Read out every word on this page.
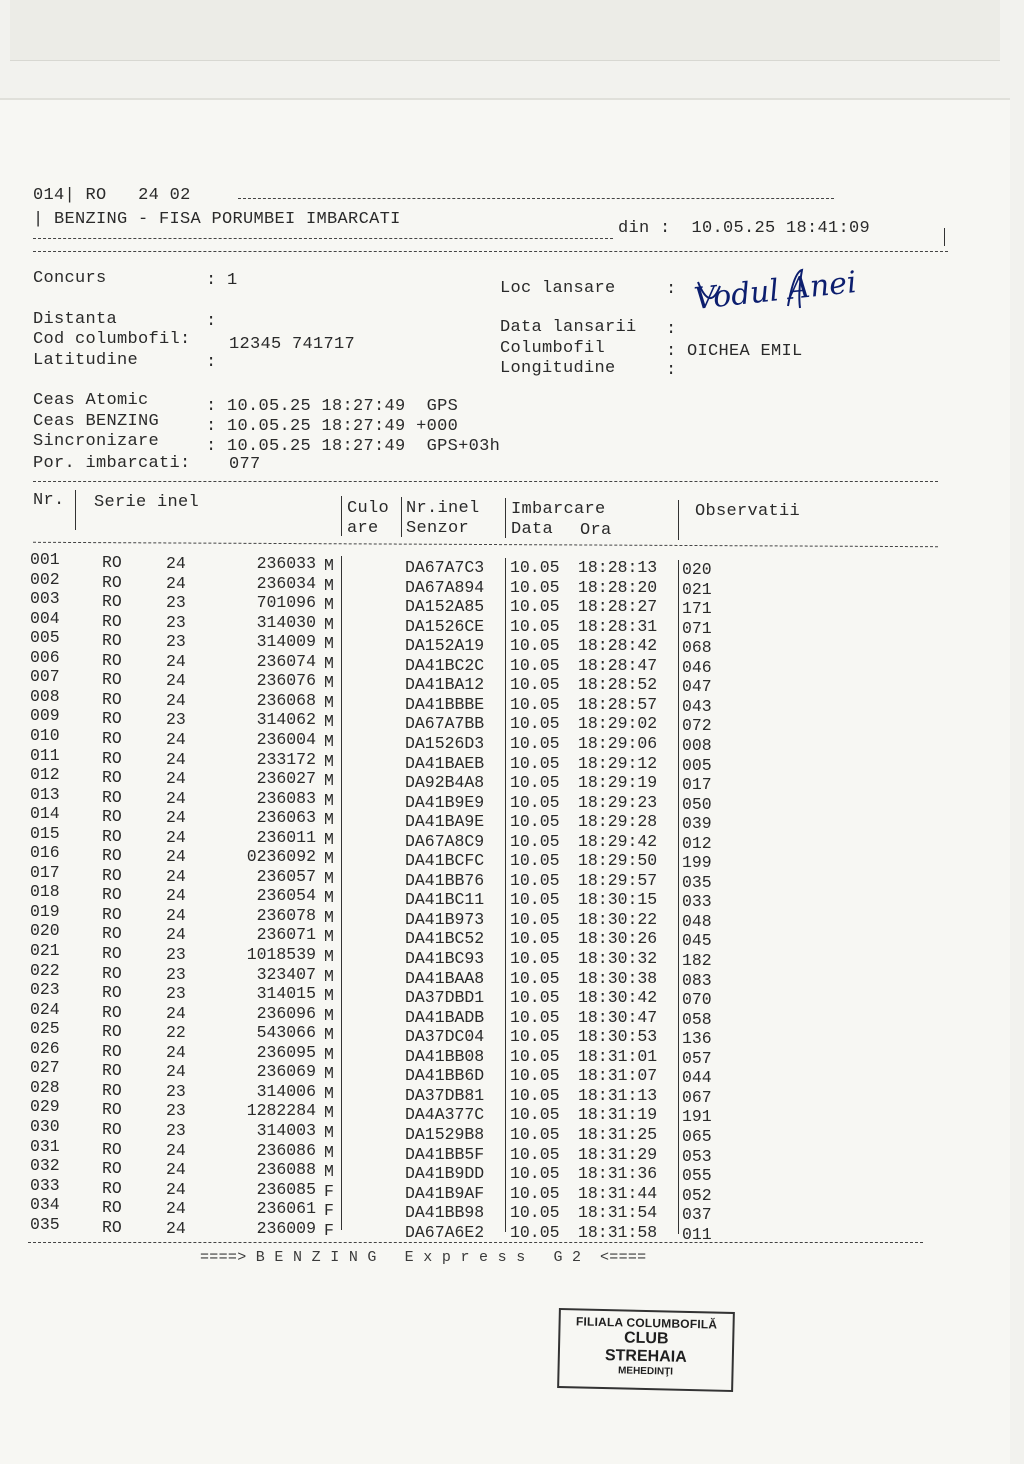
014| RO 24 02
| BENZING - FISA PORUMBEI IMBARCATI	din : 10.05.25 18:41:09
Concurs	: 1
Distanta	:
Cod columbofil: 12345 741717
Latitudine	:
Loc lansare	: Vodul Anei
Data lansarii :
Columbofil	: OICHEA EMIL
Longitudine	:
Ceas Atomic	: 10.05.25 18:27:49 GPS
Ceas BENZING	: 10.05.25 18:27:49 +000
Sincronizare	: 10.05.25 18:27:49 GPS+03h
Por. imbarcati: 077
Nr. Serie inel	Culo
are
Nr.inel
Senzor
Imbarcare
Data Ora
Observatii
001	RO	24	236033 M	DA67A7C3 10.05 18:28:13 020
002	RO	24	236034 M	DA67A894 10.05 18:28:20 021
003	RO	23	701096 M	DA152A85 10.05 18:28:27 171
004	RO	23	314030 M	DA1526CE 10.05 18:28:31 071
005	RO	23	314009 M	DA152A19 10.05 18:28:42 068
006	RO	24	236074 M	DA41BC2C 10.05 18:28:47 046
007	RO	24	236076 M	DA41BA12 10.05 18:28:52 047
008	RO	24	236068 M	DA41BBBE 10.05 18:28:57 043
009	RO	23	314062 M	DA67A7BB 10.05 18:29:02 072
010	RO	24	236004 M	DA1526D3 10.05 18:29:06 008
011	RO	24	233172 M	DA41BAEB 10.05 18:29:12 005
012	RO	24	236027 M	DA92B4A8 10.05 18:29:19 017
013	RO	24	236083 M	DA41B9E9 10.05 18:29:23 050
014	RO	24	236063 M	DA41BA9E 10.05 18:29:28 039
015	RO	24	236011 M	DA67A8C9 10.05 18:29:42 012
016	RO	24	0236092 M	DA41BCFC 10.05 18:29:50 199
017	RO	24	236057 M	DA41BB76 10.05 18:29:57 035
018	RO	24	236054 M	DA41BC11 10.05 18:30:15 033
019	RO	24	236078 M	DA41B973 10.05 18:30:22 048
020	RO	24	236071 M	DA41BC52 10.05 18:30:26 045
021	RO	23	1018539 M	DA41BC93 10.05 18:30:32 182
022	RO	23	323407 M	DA41BAA8 10.05 18:30:38 083
023	RO	23	314015 M	DA37DBD1 10.05 18:30:42 070
024	RO	24	236096 M	DA41BADB 10.05 18:30:47 058
025	RO	22	543066 M	DA37DC04 10.05 18:30:53 136
026	RO	24	236095 M	DA41BB08 10.05 18:31:01 057
027	RO	24	236069 M	DA41BB6D 10.05 18:31:07 044
028	RO	23	314006 M	DA37DB81 10.05 18:31:13 067
029	RO	23	1282284 M	DA4A377C 10.05 18:31:19 191
030	RO	23	314003 M	DA1529B8 10.05 18:31:25 065
031	RO	24	236086 M	DA41BB5F 10.05 18:31:29 053
032	RO	24	236088 M	DA41B9DD 10.05 18:31:36 055
033	RO	24	236085 F	DA41B9AF 10.05 18:31:44 052
034	RO	24	236061 F	DA41BB98 10.05 18:31:54 037
035	RO	24	236009 F	DA67A6E2 10.05 18:31:58 011
====> B E N Z I N G   E x p r e s s   G 2  <====
FILIALA COLUMBOFILĂ
CLUB
STREHAIA
MEHEDINŢI
